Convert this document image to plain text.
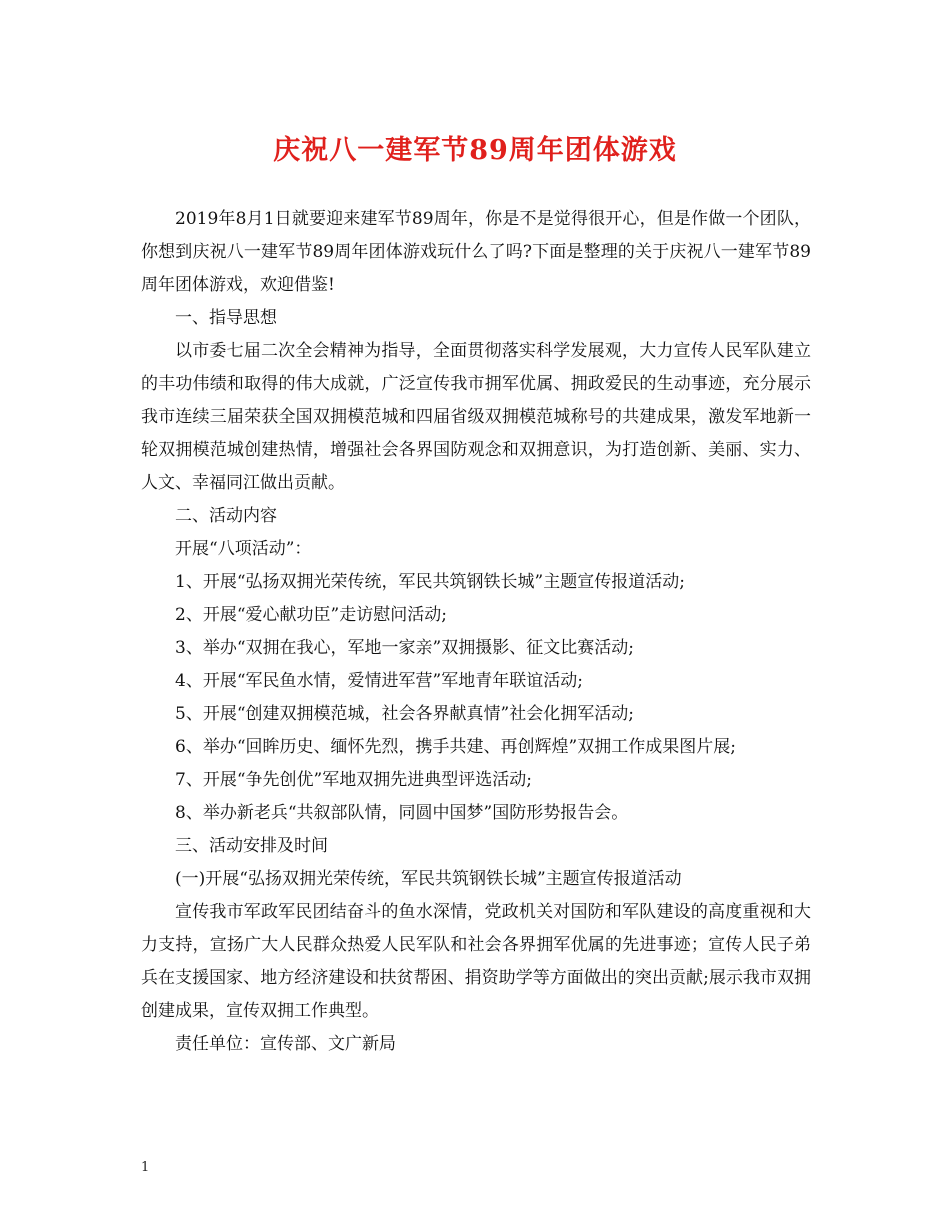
庆祝八一建军节89周年团体游戏

2019年8月1日就要迎来建军节89周年，你是不是觉得很开心，但是作做一个团队，你想到庆祝八一建军节89周年团体游戏玩什么了吗?下面是整理的关于庆祝八一建军节89周年团体游戏，欢迎借鉴!

一、指导思想

以市委七届二次全会精神为指导，全面贯彻落实科学发展观，大力宣传人民军队建立的丰功伟绩和取得的伟大成就，广泛宣传我市拥军优属、拥政爱民的生动事迹，充分展示我市连续三届荣获全国双拥模范城和四届省级双拥模范城称号的共建成果，激发军地新一轮双拥模范城创建热情，增强社会各界国防观念和双拥意识，为打造创新、美丽、实力、人文、幸福同江做出贡献。

二、活动内容

开展“八项活动”：

1、开展“弘扬双拥光荣传统，军民共筑钢铁长城”主题宣传报道活动;

2、开展“爱心献功臣”走访慰问活动;

3、举办“双拥在我心，军地一家亲”双拥摄影、征文比赛活动;

4、开展“军民鱼水情，爱情进军营”军地青年联谊活动;

5、开展“创建双拥模范城，社会各界献真情”社会化拥军活动;

6、举办“回眸历史、缅怀先烈，携手共建、再创辉煌”双拥工作成果图片展;

7、开展“争先创优”军地双拥先进典型评选活动;

8、举办新老兵“共叙部队情，同圆中国梦”国防形势报告会。

三、活动安排及时间

(一)开展“弘扬双拥光荣传统，军民共筑钢铁长城”主题宣传报道活动

宣传我市军政军民团结奋斗的鱼水深情，党政机关对国防和军队建设的高度重视和大力支持，宣扬广大人民群众热爱人民军队和社会各界拥军优属的先进事迹；宣传人民子弟兵在支援国家、地方经济建设和扶贫帮困、捐资助学等方面做出的突出贡献;展示我市双拥创建成果，宣传双拥工作典型。

责任单位：宣传部、文广新局

1
